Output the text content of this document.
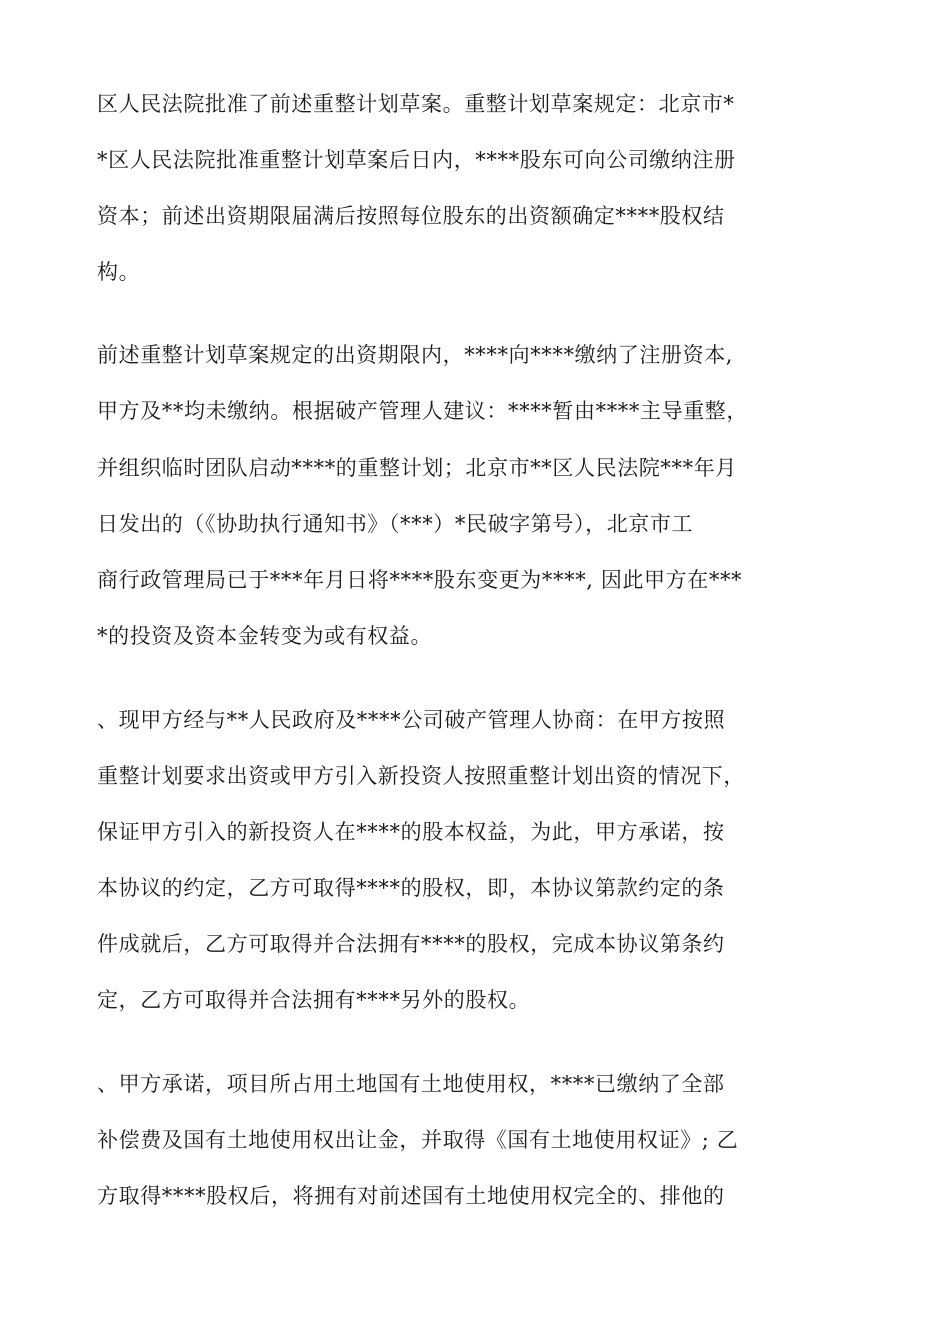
区人民法院批准了前述重整计划草案。重整计划草案规定：北京市*

*区人民法院批准重整计划草案后日内，****股东可向公司缴纳注册

资本；前述出资期限届满后按照每位股东的出资额确定****股权结

构。

前述重整计划草案规定的出资期限内，****向****缴纳了注册资本,

甲方及**均未缴纳。根据破产管理人建议：****暂由****主导重整，

并组织临时团队启动****的重整计划；北京市**区人民法院***年月

日发出的（《协助执行通知书》（***）*民破字第号），北京市工

商行政管理局已于***年月日将****股东变更为****, 因此甲方在***

*的投资及资本金转变为或有权益。

、现甲方经与**人民政府及****公司破产管理人协商：在甲方按照

重整计划要求出资或甲方引入新投资人按照重整计划出资的情况下，

保证甲方引入的新投资人在****的股本权益，为此，甲方承诺，按

本协议的约定，乙方可取得****的股权，即，本协议第款约定的条

件成就后，乙方可取得并合法拥有****的股权，完成本协议第条约

定，乙方可取得并合法拥有****另外的股权。

、甲方承诺，项目所占用土地国有土地使用权，****已缴纳了全部

补偿费及国有土地使用权出让金，并取得《国有土地使用权证》; 乙

方取得****股权后，将拥有对前述国有土地使用权完全的、排他的
